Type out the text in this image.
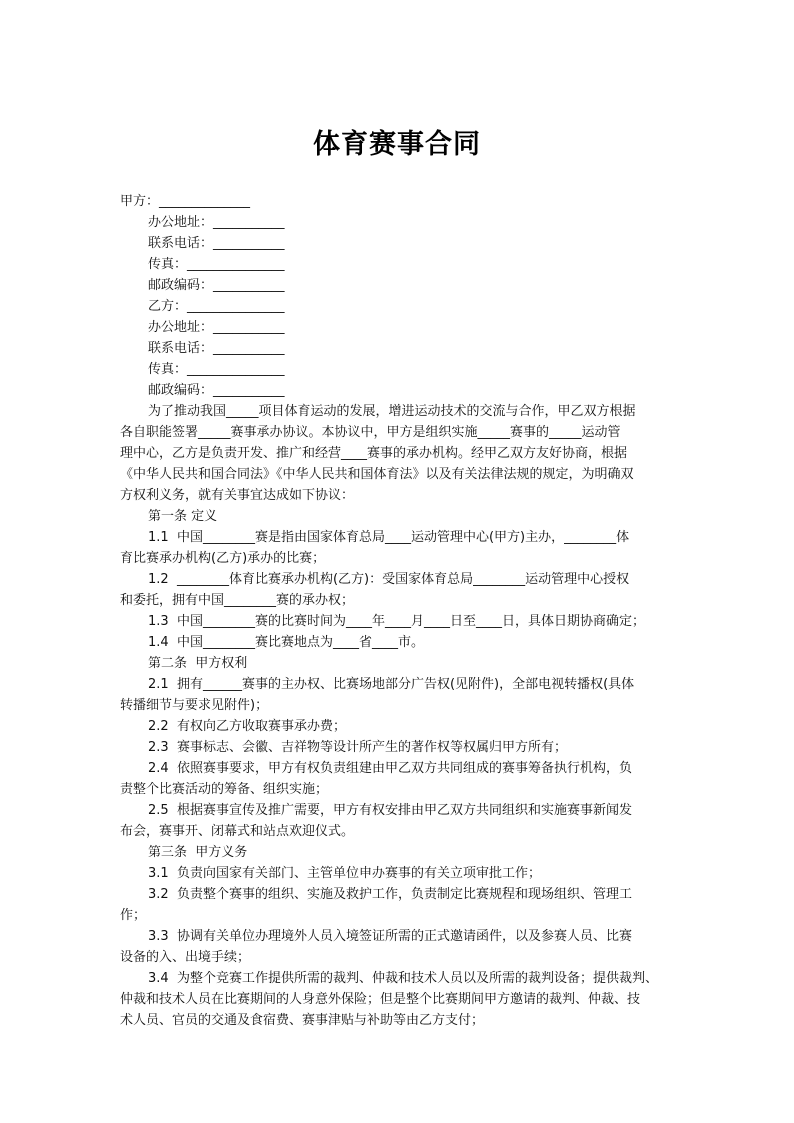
体育赛事合同
甲方：______________
办公地址：___________
联系电话：___________
传真：_______________
邮政编码：___________
乙方：_______________
办公地址：___________
联系电话：___________
传真：_______________
邮政编码：___________
为了推动我国_____项目体育运动的发展，增进运动技术的交流与合作，甲乙双方根据
各自职能签署_____赛事承办协议。本协议中，甲方是组织实施_____赛事的_____运动管
理中心，乙方是负责开发、推广和经营____赛事的承办机构。经甲乙双方友好协商，根据
《中华人民共和国合同法》《中华人民共和国体育法》以及有关法律法规的规定，为明确双
方权利义务，就有关事宜达成如下协议：
第一条 定义
1.1  中国________赛是指由国家体育总局____运动管理中心(甲方)主办，________体
育比赛承办机构(乙方)承办的比赛；
1.2  ________体育比赛承办机构(乙方)：受国家体育总局________运动管理中心授权
和委托，拥有中国________赛的承办权；
1.3  中国________赛的比赛时间为____年____月____日至____日，具体日期协商确定；
1.4  中国________赛比赛地点为____省____市。
第二条  甲方权利
2.1  拥有______赛事的主办权、比赛场地部分广告权(见附件)，全部电视转播权(具体
转播细节与要求见附件)；
2.2  有权向乙方收取赛事承办费；
2.3  赛事标志、会徽、吉祥物等设计所产生的著作权等权属归甲方所有；
2.4  依照赛事要求，甲方有权负责组建由甲乙双方共同组成的赛事筹备执行机构，负
责整个比赛活动的筹备、组织实施；
2.5  根据赛事宣传及推广需要，甲方有权安排由甲乙双方共同组织和实施赛事新闻发
布会，赛事开、闭幕式和站点欢迎仪式。
第三条  甲方义务
3.1  负责向国家有关部门、主管单位申办赛事的有关立项审批工作；
3.2  负责整个赛事的组织、实施及救护工作，负责制定比赛规程和现场组织、管理工
作；
3.3  协调有关单位办理境外人员入境签证所需的正式邀请函件，以及参赛人员、比赛
设备的入、出境手续；
3.4  为整个竞赛工作提供所需的裁判、仲裁和技术人员以及所需的裁判设备；提供裁判、
仲裁和技术人员在比赛期间的人身意外保险；但是整个比赛期间甲方邀请的裁判、仲裁、技
术人员、官员的交通及食宿费、赛事津贴与补助等由乙方支付；
